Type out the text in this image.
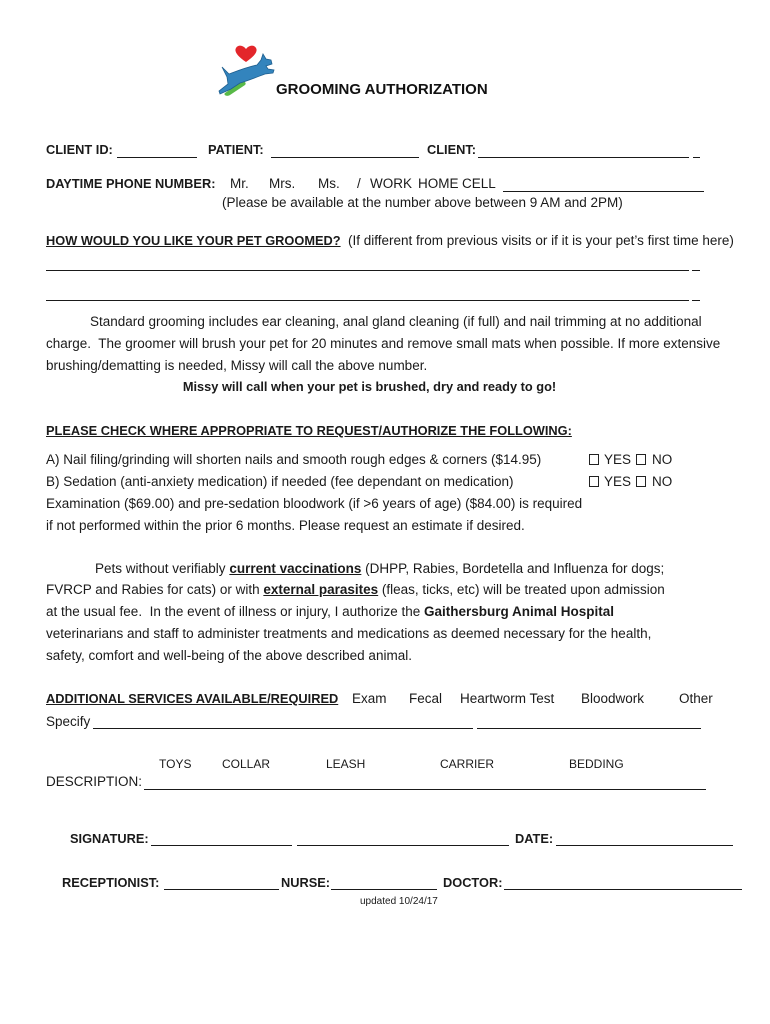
GROOMING AUTHORIZATION
CLIENT ID:	PATIENT:	CLIENT:
DAYTIME PHONE NUMBER: Mr. Mrs. Ms. / WORK HOME CELL
(Please be available at the number above between 9 AM and 2PM)
HOW WOULD YOU LIKE YOUR PET GROOMED? (If different from previous visits or if it is your pet’s first time here)
Standard grooming includes ear cleaning, anal gland cleaning (if full) and nail trimming at no additional
charge.  The groomer will brush your pet for 20 minutes and remove small mats when possible. If more extensive
brushing/dematting is needed, Missy will call the above number.
Missy will call when your pet is brushed, dry and ready to go!
PLEASE CHECK WHERE APPROPRIATE TO REQUEST/AUTHORIZE THE FOLLOWING:
A) Nail filing/grinding will shorten nails and smooth rough edges & corners ($14.95)	YES NO
B) Sedation (anti-anxiety medication) if needed (fee dependant on medication)	YES NO
Examination ($69.00) and pre-sedation bloodwork (if >6 years of age) ($84.00) is required
if not performed within the prior 6 months. Please request an estimate if desired.
Pets without verifiably current vaccinations (DHPP, Rabies, Bordetella and Influenza for dogs;
FVRCP and Rabies for cats) or with external parasites (fleas, ticks, etc) will be treated upon admission
at the usual fee.  In the event of illness or injury, I authorize the Gaithersburg Animal Hospital
veterinarians and staff to administer treatments and medications as deemed necessary for the health,
safety, comfort and well-being of the above described animal.
ADDITIONAL SERVICES AVAILABLE/REQUIRED Exam Fecal Heartworm Test Bloodwork	Other
Specify
TOYS	COLLAR	LEASH	CARRIER	BEDDING
DESCRIPTION:
SIGNATURE:	DATE:
RECEPTIONIST:	NURSE:	DOCTOR:
updated 10/24/17
